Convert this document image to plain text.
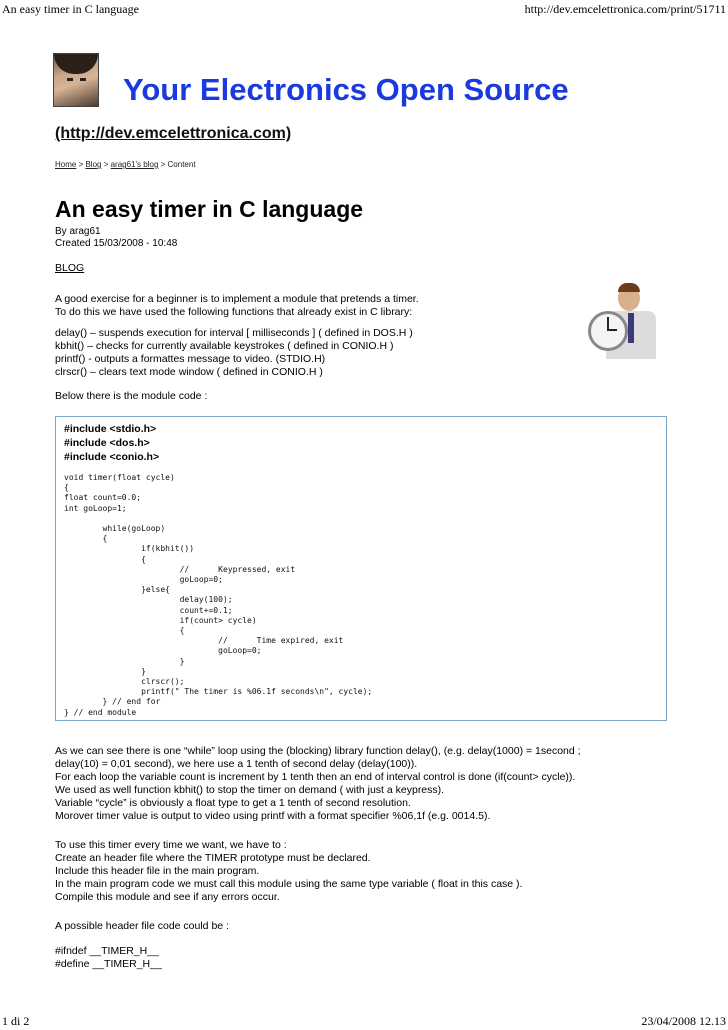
An easy timer in C language	http://dev.emcelettronica.com/print/51711
Your Electronics Open Source
(http://dev.emcelettronica.com)
Home > Blog > arag61's blog > Content
An easy timer in C language
By arag61
Created 15/03/2008 - 10:48
BLOG
A good exercise for a beginner is to implement a module that pretends a timer.
To do this we have used the following functions that already exist in C library:
delay() – suspends execution for interval [ milliseconds ] ( defined in DOS.H )
kbhit() – checks for currently available keystrokes ( defined in CONIO.H )
printf() - outputs a formattes message to video. (STDIO.H)
clrscr() – clears text mode window ( defined in CONIO.H )
Below there is the module code :
#include <stdio.h>
#include <dos.h>
#include <conio.h>
void timer(float cycle)
{
float count=0.0;
int goLoop=1;

while(goLoop)
{
if(kbhit())
{
//      Keypressed, exit
goLoop=0;
}else{
delay(100);
count+=0.1;
if(count> cycle)
{
//      Time expired, exit
goLoop=0;
}
}
clrscr();
printf(" The timer is %06.1f seconds\n", cycle);
} // end for
} // end module
As we can see there is one “while” loop using the (blocking) library function delay(), (e.g. delay(1000) = 1second ;
delay(10) = 0,01 second), we here use a 1 tenth of second delay (delay(100)).
For each loop the variable count is increment by 1 tenth then an end of interval control is done (if(count> cycle)).
We used as well function kbhit() to stop the timer on demand ( with just a keypress).
Variable “cycle” is obviously a float type to get a 1 tenth of second resolution.
Morover timer value is output to video using printf with a format specifier %06,1f (e.g. 0014.5).
To use this timer every time we want, we have to :
Create an header file where the TIMER prototype must be declared.
Include this header file in the main program.
In the main program code we must call this module using the same type variable ( float in this case ).
Compile this module and see if any errors occur.
A possible header file code could be :
#ifndef __TIMER_H__
#define __TIMER_H__
1 di 2	23/04/2008 12.13
